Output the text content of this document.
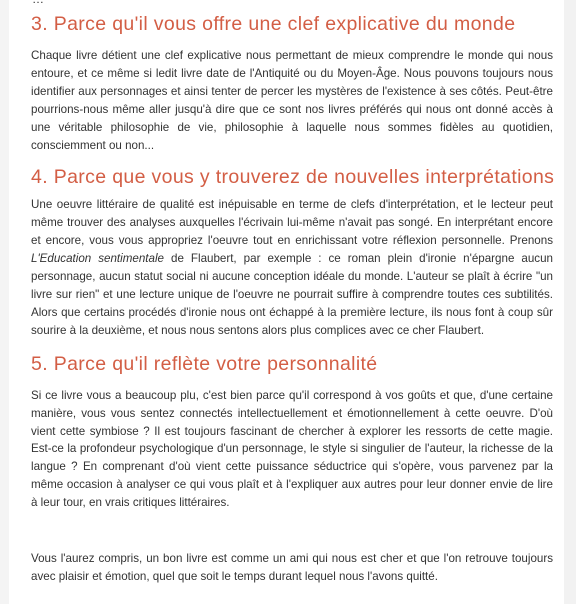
3. Parce qu'il vous offre une clef explicative du monde

Chaque livre détient une clef explicative nous permettant de mieux comprendre le monde qui nous entoure, et ce même si ledit livre date de l'Antiquité ou du Moyen-Âge. Nous pouvons toujours nous identifier aux personnages et ainsi tenter de percer les mystères de l'existence à ses côtés. Peut-être pourrions-nous même aller jusqu'à dire que ce sont nos livres préférés qui nous ont donné accès à une véritable philosophie de vie, philosophie à laquelle nous sommes fidèles au quotidien, consciemment ou non...

4. Parce que vous y trouverez de nouvelles interprétations

Une oeuvre littéraire de qualité est inépuisable en terme de clefs d'interprétation, et le lecteur peut même trouver des analyses auxquelles l'écrivain lui-même n'avait pas songé. En interprétant encore et encore, vous vous appropriez l'oeuvre tout en enrichissant votre réflexion personnelle. Prenons L'Education sentimentale de Flaubert, par exemple : ce roman plein d'ironie n'épargne aucun personnage, aucun statut social ni aucune conception idéale du monde. L'auteur se plaît à écrire "un livre sur rien" et une lecture unique de l'oeuvre ne pourrait suffire à comprendre toutes ces subtilités. Alors que certains procédés d'ironie nous ont échappé à la première lecture, ils nous font à coup sûr sourire à la deuxième, et nous nous sentons alors plus complices avec ce cher Flaubert.

5. Parce qu'il reflète votre personnalité

Si ce livre vous a beaucoup plu, c'est bien parce qu'il correspond à vos goûts et que, d'une certaine manière, vous vous sentez connectés intellectuellement et émotionnellement à cette oeuvre. D'où vient cette symbiose ? Il est toujours fascinant de chercher à explorer les ressorts de cette magie. Est-ce la profondeur psychologique d'un personnage, le style si singulier de l'auteur, la richesse de la langue ? En comprenant d'où vient cette puissance séductrice qui s'opère, vous parvenez par la même occasion à analyser ce qui vous plaît et à l'expliquer aux autres pour leur donner envie de lire à leur tour, en vrais critiques littéraires.

Vous l'aurez compris, un bon livre est comme un ami qui nous est cher et que l'on retrouve toujours avec plaisir et émotion, quel que soit le temps durant lequel nous l'avons quitté.
